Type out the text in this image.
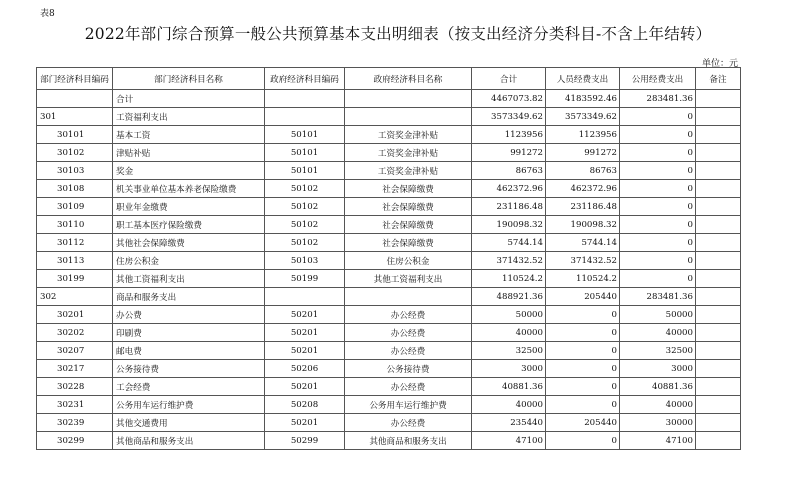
表8
2022年部门综合预算一般公共预算基本支出明细表（按支出经济分类科目-不含上年结转）
单位：元
部门经济科目编码	部门经济科目名称	政府经济科目编码	政府经济科目名称	合计	人员经费支出	公用经费支出	备注
	合计			4467073.82	4183592.46	283481.36	
301	工资福利支出			3573349.62	3573349.62	0	
30101	基本工资	50101	工资奖金津补贴	1123956	1123956	0	
30102	津贴补贴	50101	工资奖金津补贴	991272	991272	0	
30103	奖金	50101	工资奖金津补贴	86763	86763	0	
30108	机关事业单位基本养老保险缴费	50102	社会保障缴费	462372.96	462372.96	0	
30109	职业年金缴费	50102	社会保障缴费	231186.48	231186.48	0	
30110	职工基本医疗保险缴费	50102	社会保障缴费	190098.32	190098.32	0	
30112	其他社会保障缴费	50102	社会保障缴费	5744.14	5744.14	0	
30113	住房公积金	50103	住房公积金	371432.52	371432.52	0	
30199	其他工资福利支出	50199	其他工资福利支出	110524.2	110524.2	0	
302	商品和服务支出			488921.36	205440	283481.36	
30201	办公费	50201	办公经费	50000	0	50000	
30202	印刷费	50201	办公经费	40000	0	40000	
30207	邮电费	50201	办公经费	32500	0	32500	
30217	公务接待费	50206	公务接待费	3000	0	3000	
30228	工会经费	50201	办公经费	40881.36	0	40881.36	
30231	公务用车运行维护费	50208	公务用车运行维护费	40000	0	40000	
30239	其他交通费用	50201	办公经费	235440	205440	30000	
30299	其他商品和服务支出	50299	其他商品和服务支出	47100	0	47100	
